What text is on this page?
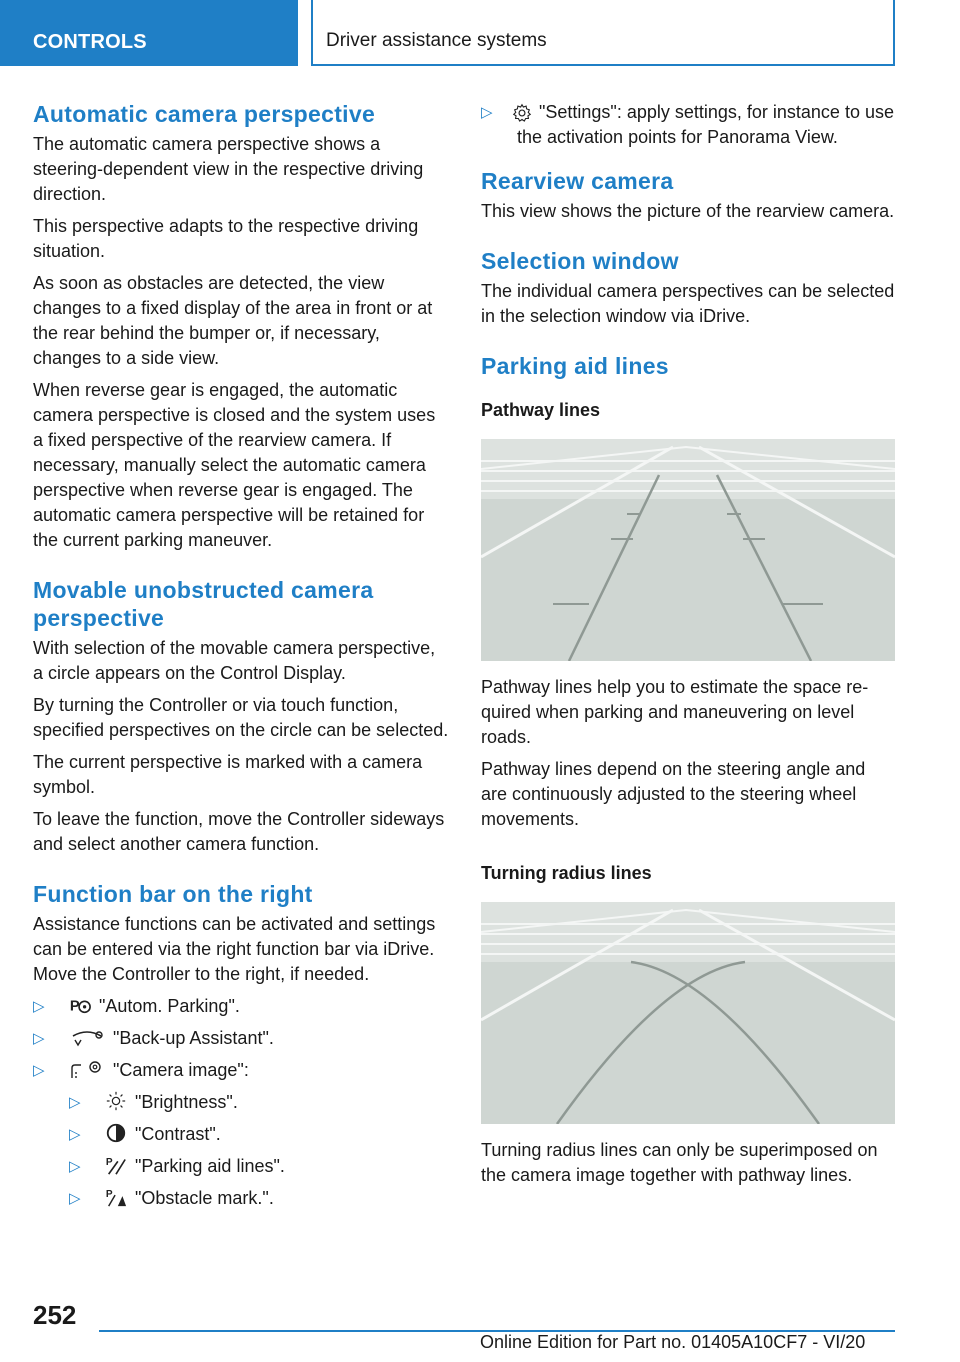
CONTROLS	Driver assistance systems
Automatic camera perspective

The automatic camera perspective shows a steering-dependent view in the respective driving direction.

This perspective adapts to the respective driving situation.

As soon as obstacles are detected, the view changes to a fixed display of the area in front or at the rear behind the bumper or, if necessary, changes to a side view.

When reverse gear is engaged, the automatic camera perspective is closed and the system uses a fixed perspective of the rearview camera. If necessary, manually select the automatic camera perspective when reverse gear is engaged. The automatic camera perspective will be retained for the current parking maneuver.

Movable unobstructed camera perspective

With selection of the movable camera perspective, a circle appears on the Control Display.

By turning the Controller or via touch function, specified perspectives on the circle can be selected.

The current perspective is marked with a camera symbol.

To leave the function, move the Controller sideways and select another camera function.

Function bar on the right

Assistance functions can be activated and settings can be entered via the right function bar via iDrive. Move the Controller to the right, if needed.

▷ P "Autom. Parking".
▷	"Back-up Assistant".
▷	"Camera image":
▷	"Brightness".
▷	"Contrast".
▷ P "Parking aid lines".
▷ P "Obstacle mark.".
▷	"Settings": apply settings, for instance to use the activation points for Panorama View.
Rearview camera

This view shows the picture of the rearview camera.

Selection window

The individual camera perspectives can be selected in the selection window via iDrive.

Parking aid lines
Pathway lines

Pathway lines help you to estimate the space required when parking and maneuvering on level roads.

Pathway lines depend on the steering angle and are continuously adjusted to the steering wheel movements.

Turning radius lines

Turning radius lines can only be superimposed on the camera image together with pathway lines.

252
Online Edition for Part no. 01405A10CF7 - VI/20
